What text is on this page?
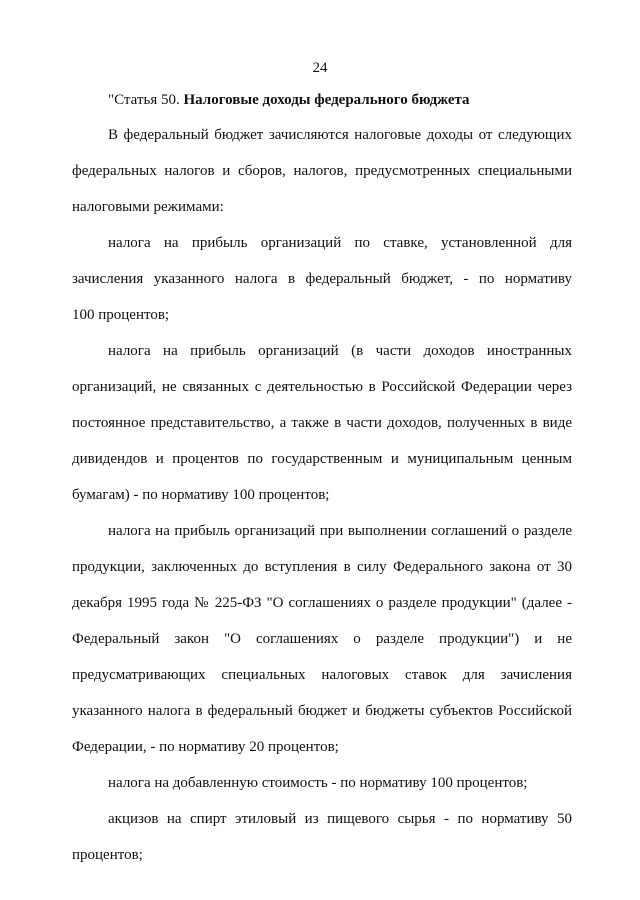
24
"Статья 50. Налоговые доходы федерального бюджета
В федеральный бюджет зачисляются налоговые доходы от следующих
федеральных налогов и сборов, налогов, предусмотренных специальными
налоговыми режимами:
налога на прибыль организаций по ставке, установленной для
зачисления указанного налога в федеральный бюджет, - по нормативу
100 процентов;
налога на прибыль организаций (в части доходов иностранных
организаций, не связанных с деятельностью в Российской Федерации через
постоянное представительство, а также в части доходов, полученных в виде
дивидендов и процентов по государственным и муниципальным ценным
бумагам) - по нормативу 100 процентов;
налога на прибыль организаций при выполнении соглашений о разделе
продукции, заключенных до вступления в силу Федерального закона от 30
декабря 1995 года № 225-ФЗ "О соглашениях о разделе продукции" (далее -
Федеральный закон "О соглашениях о разделе продукции") и не
предусматривающих специальных налоговых ставок для зачисления
указанного налога в федеральный бюджет и бюджеты субъектов Российской
Федерации, - по нормативу 20 процентов;
налога на добавленную стоимость - по нормативу 100 процентов;
акцизов на спирт этиловый из пищевого сырья - по нормативу 50
процентов;
